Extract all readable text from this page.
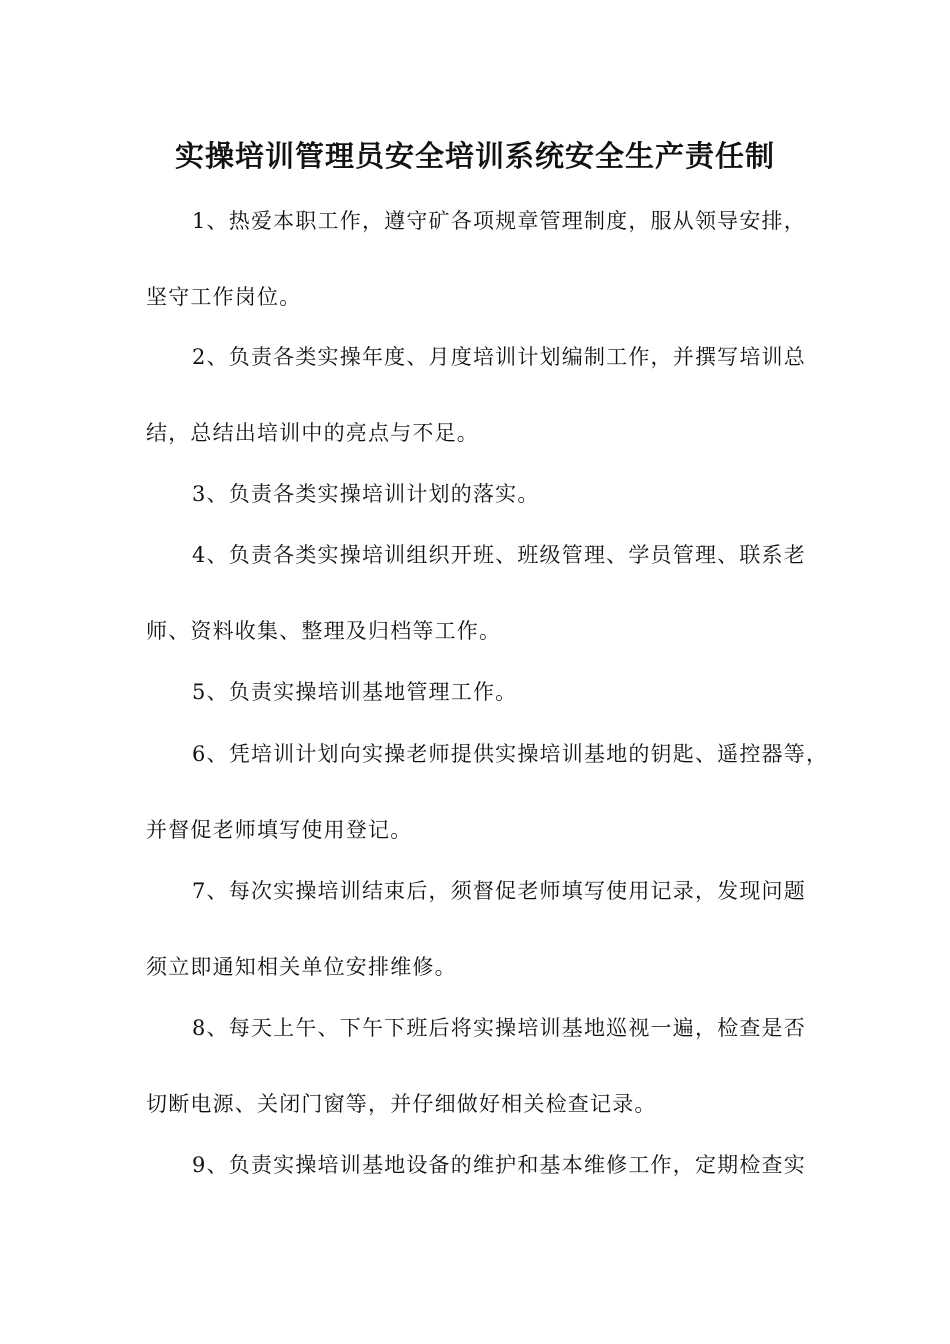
实操培训管理员安全培训系统安全生产责任制
1、热爱本职工作，遵守矿各项规章管理制度，服从领导安排，
坚守工作岗位。
2、负责各类实操年度、月度培训计划编制工作，并撰写培训总
结，总结出培训中的亮点与不足。
3、负责各类实操培训计划的落实。
4、负责各类实操培训组织开班、班级管理、学员管理、联系老
师、资料收集、整理及归档等工作。
5、负责实操培训基地管理工作。
6、凭培训计划向实操老师提供实操培训基地的钥匙、遥控器等，
并督促老师填写使用登记。
7、每次实操培训结束后，须督促老师填写使用记录，发现问题
须立即通知相关单位安排维修。
8、每天上午、下午下班后将实操培训基地巡视一遍，检查是否
切断电源、关闭门窗等，并仔细做好相关检查记录。
9、负责实操培训基地设备的维护和基本维修工作，定期检查实
